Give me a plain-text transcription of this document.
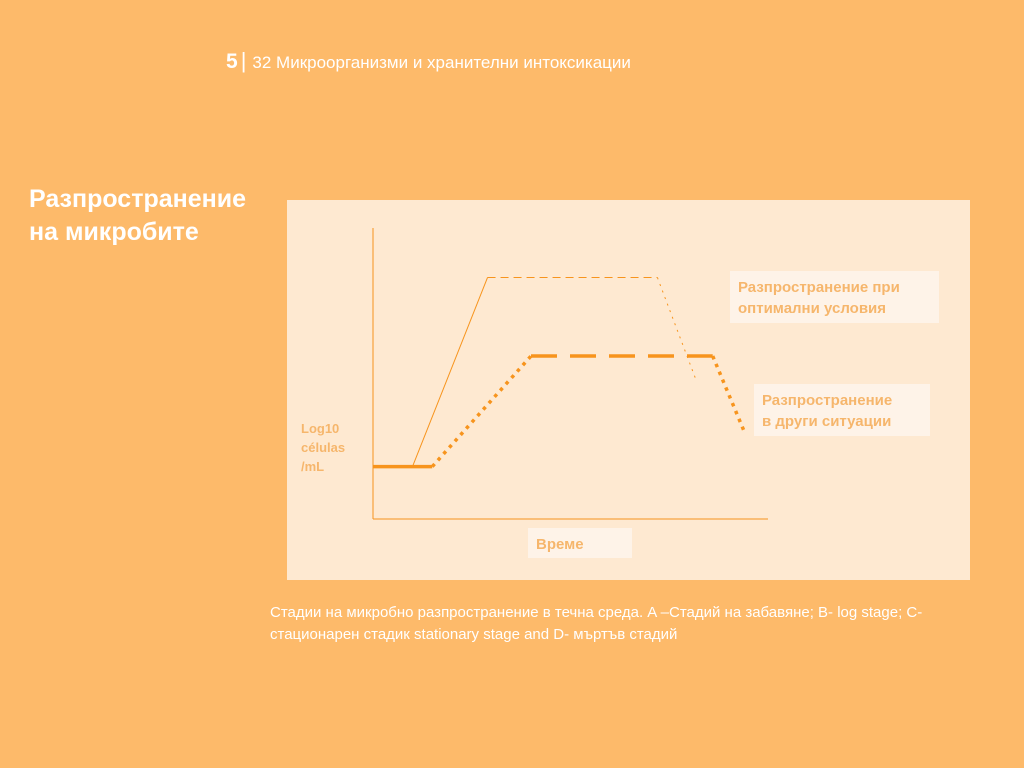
5 | 32 Микроорганизми и хранителни интоксикации
Разпространение
на микробите
Log10
células
/mL
Разпространение при
оптимални условия
Разпространение
в други ситуации
Време
Стадии на микробно разпространение в течна среда. A –Стадий на забавяне; B- log stage; C-стационарен стадик stationary stage and D- мъртъв стадий
